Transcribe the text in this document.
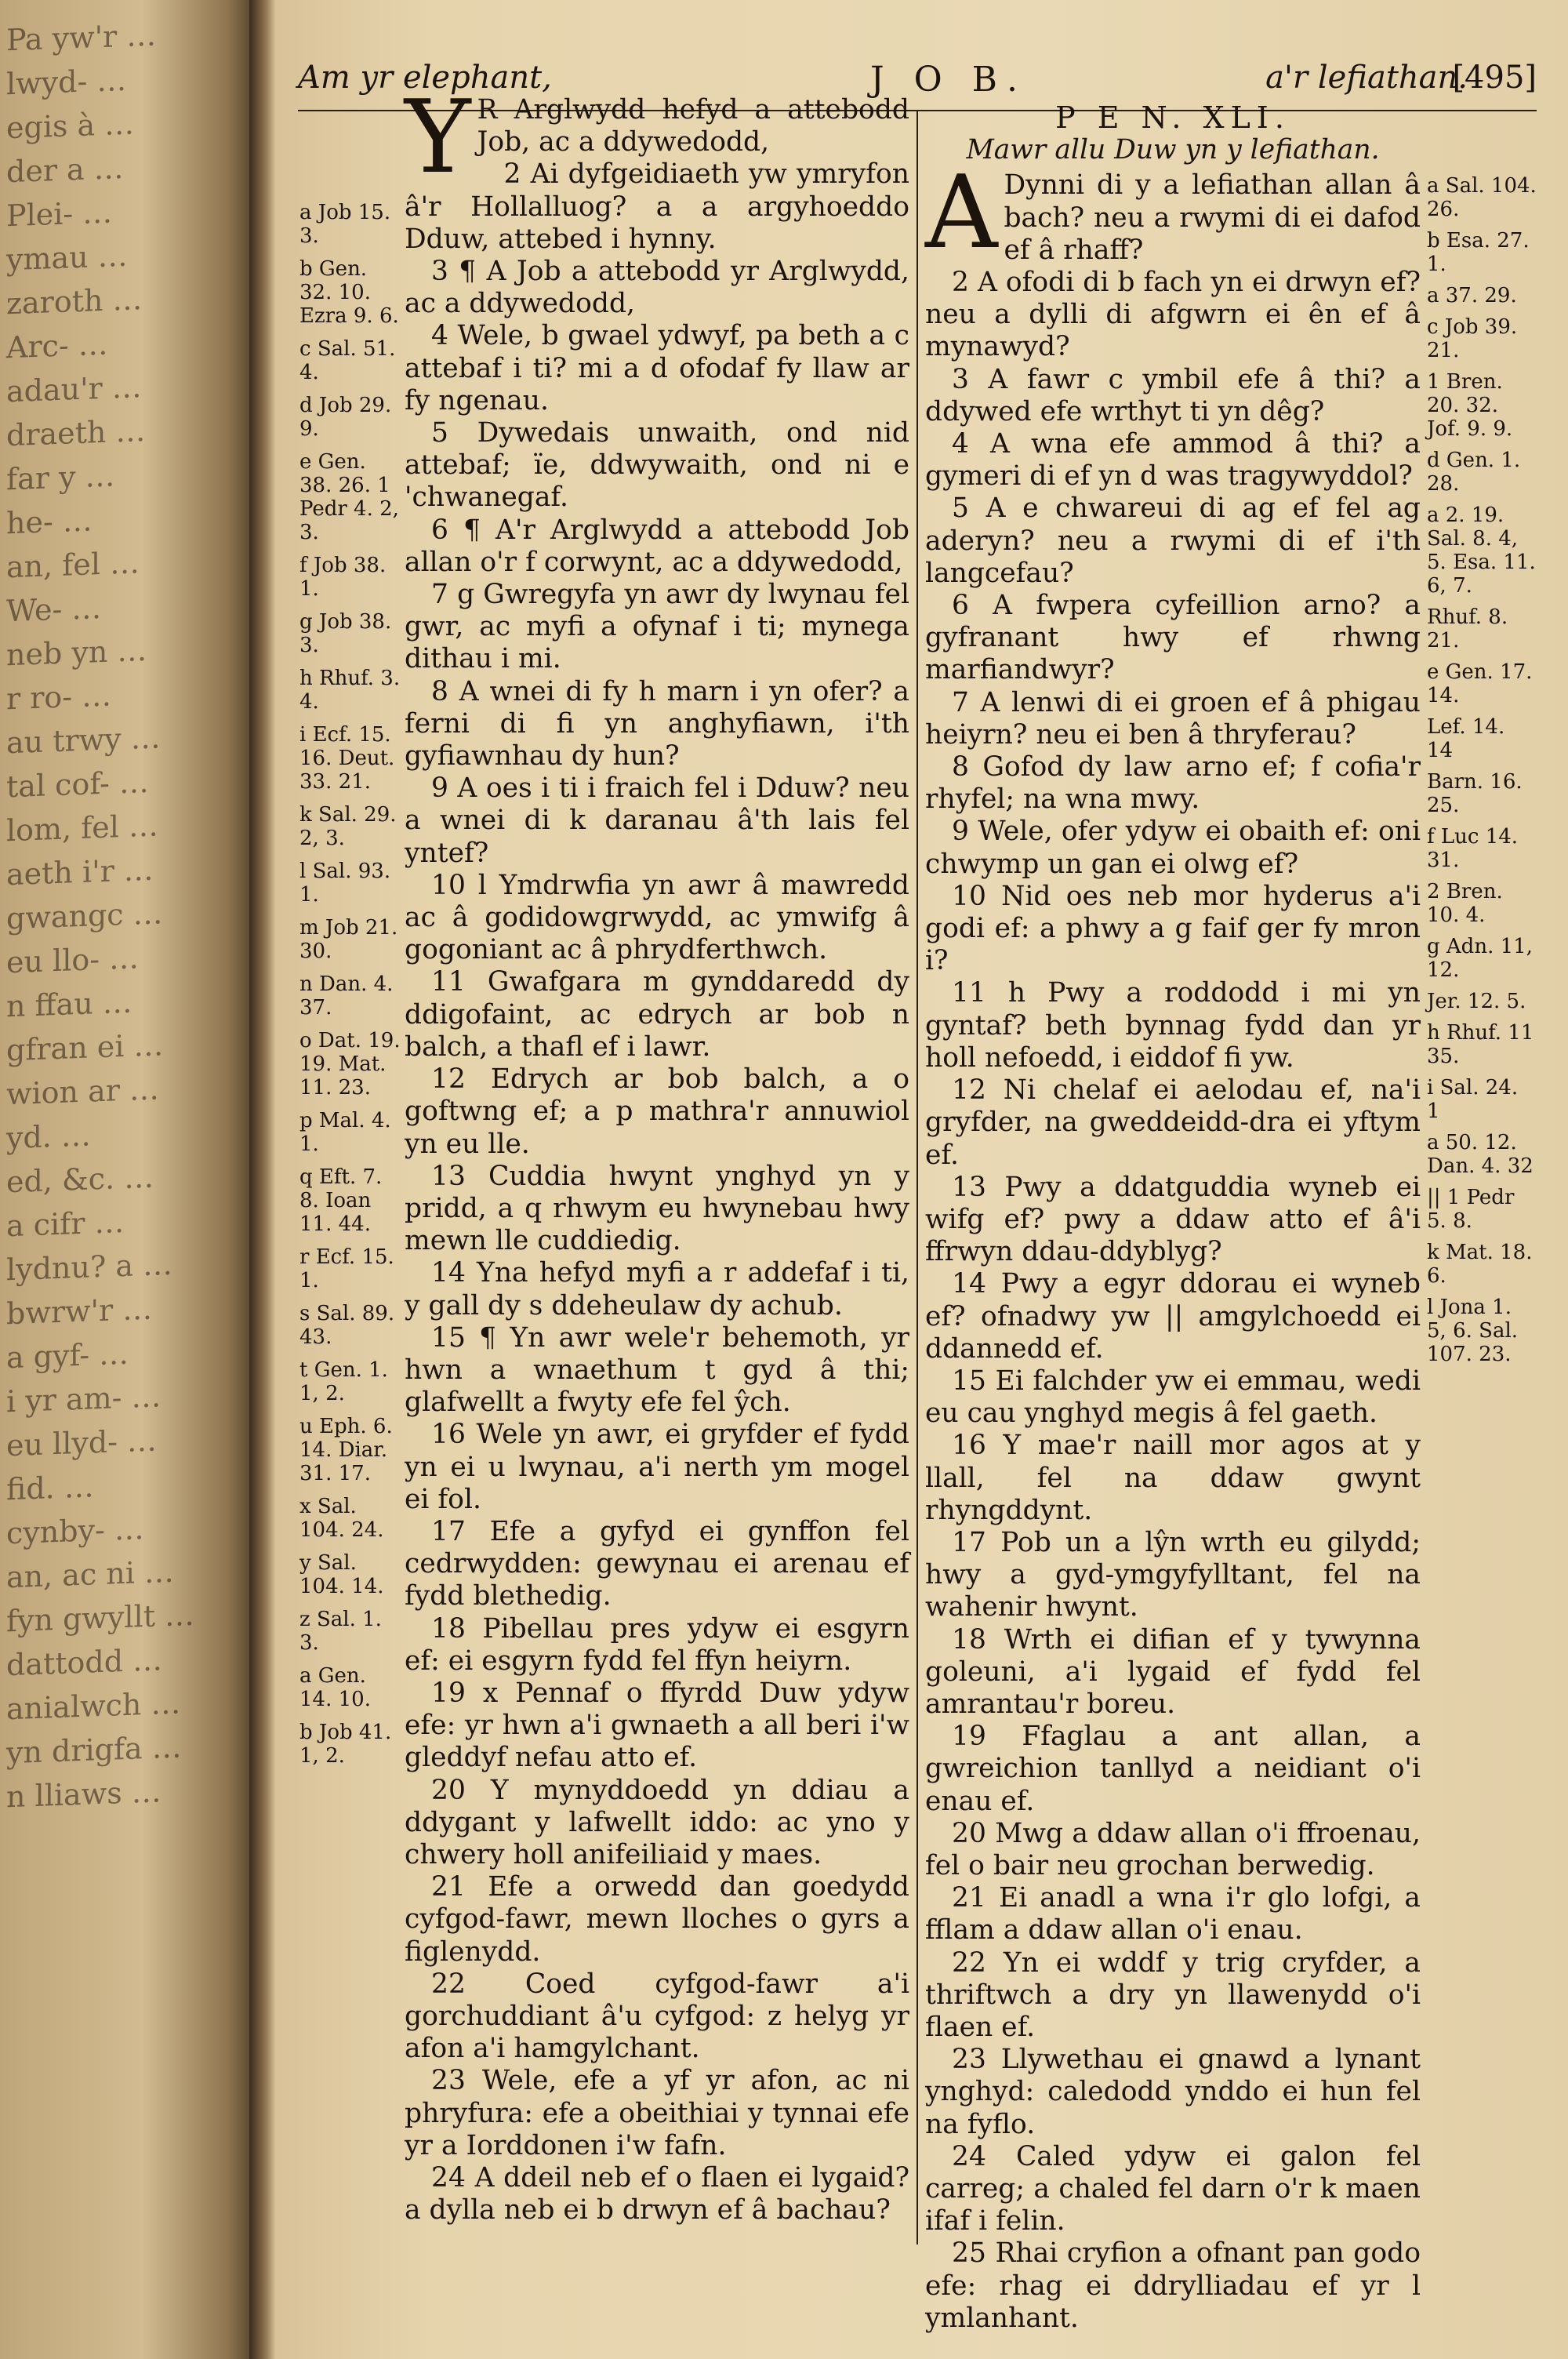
Pa yw'r …
lwyd- …
egis à …
der a …
Plei- …
ymau …
zaroth …
Arc- …
adau'r …
draeth …
far y …
he- …
an, fel …
We- …
neb yn …
r ro- …
au trwy …
tal cof- …
lom, fel …
aeth i'r …
gwangc …
eu llo- …
n ffau …
gfran ei …
wion ar …
yd. …
ed, &c. …
a cifr …
lydnu? a …
bwrw'r …
a gyf- …
i yr am- …
eu llyd- …
fid. …
cynby- …
an, ac ni …
fyn gwyllt …
dattodd …
anialwch …
yn drigfa …
n lliaws …
Am yr elephant,	J O B.	a'r lefiathan.
[495]
a Job 15. 3.
b Gen. 32. 10. Ezra 9. 6.
c Sal. 51. 4.
d Job 29. 9.
e Gen. 38. 26. 1 Pedr 4. 2, 3.
f Job 38. 1.
g Job 38. 3.
h Rhuf. 3. 4.
i Ecf. 15. 16. Deut. 33. 21.
k Sal. 29. 2, 3.
l Sal. 93. 1.
m Job 21. 30.
n Dan. 4. 37.
o Dat. 19. 19. Mat. 11. 23.
p Mal. 4. 1.
q Eft. 7. 8. Ioan 11. 44.
r Ecf. 15. 1.
s Sal. 89. 43.
t Gen. 1. 1, 2.
u Eph. 6. 14. Diar. 31. 17.
x Sal. 104. 24.
y Sal. 104. 14.
z Sal. 1. 3.
a Gen. 14. 10.
b Job 41. 1, 2.

YR Arglwydd hefyd a attebodd Job, ac a ddywedodd,

2 Ai dyfgeidiaeth yw ymryfon â'r Hollalluog? a a argyhoeddo Dduw, attebed i hynny.

3 ¶ A Job a attebodd yr Arglwydd, ac a ddywedodd,

4 Wele, b gwael ydwyf, pa beth a c attebaf i ti? mi a d ofodaf fy llaw ar fy ngenau.

5 Dywedais unwaith, ond nid attebaf; ïe, ddwywaith, ond ni e 'chwanegaf.

6 ¶ A'r Arglwydd a attebodd Job allan o'r f corwynt, ac a ddywedodd,

7 g Gwregyfa yn awr dy lwynau fel gwr, ac myfi a ofynaf i ti; mynega dithau i mi.

8 A wnei di fy h marn i yn ofer? a ferni di fi yn anghyfiawn, i'th gyfiawnhau dy hun?

9 A oes i ti i fraich fel i Dduw? neu a wnei di k daranau â'th lais fel yntef?

10 l Ymdrwfia yn awr â mawredd ac â godidowgrwydd, ac ymwifg â gogoniant ac â phrydferthwch.

11 Gwafgara m gynddaredd dy ddigofaint, ac edrych ar bob n balch, a thafl ef i lawr.

12 Edrych ar bob balch, a o goftwng ef; a p mathra'r annuwiol yn eu lle.

13 Cuddia hwynt ynghyd yn y pridd, a q rhwym eu hwynebau hwy mewn lle cuddiedig.

14 Yna hefyd myfi a r addefaf i ti, y gall dy s ddeheulaw dy achub.

15 ¶ Yn awr wele'r behemoth, yr hwn a wnaethum t gyd â thi; glafwellt a fwyty efe fel ŷch.

16 Wele yn awr, ei gryfder ef fydd yn ei u lwynau, a'i nerth ym mogel ei fol.

17 Efe a gyfyd ei gynffon fel cedrwydden: gewynau ei arenau ef fydd blethedig.

18 Pibellau pres ydyw ei esgyrn ef: ei esgyrn fydd fel ffyn heiyrn.

19 x Pennaf o ffyrdd Duw ydyw efe: yr hwn a'i gwnaeth a all beri i'w gleddyf nefau atto ef.

20 Y mynyddoedd yn ddiau a ddygant y lafwellt iddo: ac yno y chwery holl anifeiliaid y maes.

21 Efe a orwedd dan goedydd cyfgod-fawr, mewn lloches o gyrs a figlenydd.

22 Coed cyfgod-fawr a'i gorchuddiant â'u cyfgod: z helyg yr afon a'i hamgylchant.

23 Wele, efe a yf yr afon, ac ni phryfura: efe a obeithiai y tynnai efe yr a Iorddonen i'w fafn.

24 A ddeil neb ef o flaen ei lygaid? a dylla neb ei b drwyn ef â bachau?

P E N. XLI.
Mawr allu Duw yn y lefiathan.

ADynni di y a lefiathan allan â bach? neu a rwymi di ei dafod ef â rhaff?

2 A ofodi di b fach yn ei drwyn ef? neu a dylli di afgwrn ei ên ef â mynawyd?

3 A fawr c ymbil efe â thi? a ddywed efe wrthyt ti yn dêg?

4 A wna efe ammod â thi? a gymeri di ef yn d was tragywyddol?

5 A e chwareui di ag ef fel ag aderyn? neu a rwymi di ef i'th langcefau?

6 A fwpera cyfeillion arno? a gyfranant hwy ef rhwng marfiandwyr?

7 A lenwi di ei groen ef â phigau heiyrn? neu ei ben â thryferau?

8 Gofod dy law arno ef; f cofia'r rhyfel; na wna mwy.

9 Wele, ofer ydyw ei obaith ef: oni chwymp un gan ei olwg ef?

10 Nid oes neb mor hyderus a'i godi ef: a phwy a g faif ger fy mron i?

11 h Pwy a roddodd i mi yn gyntaf? beth bynnag fydd dan yr holl nefoedd, i eiddof fi yw.

12 Ni chelaf ei aelodau ef, na'i gryfder, na gweddeidd-dra ei yftym ef.

13 Pwy a ddatguddia wyneb ei wifg ef? pwy a ddaw atto ef â'i ffrwyn ddau-ddyblyg?

14 Pwy a egyr ddorau ei wyneb ef? ofnadwy yw || amgylchoedd ei ddannedd ef.

15 Ei falchder yw ei emmau, wedi eu cau ynghyd megis â fel gaeth.

16 Y mae'r naill mor agos at y llall, fel na ddaw gwynt rhyngddynt.

17 Pob un a lŷn wrth eu gilydd; hwy a gyd-ymgyfylltant, fel na wahenir hwynt.

18 Wrth ei difian ef y tywynna goleuni, a'i lygaid ef fydd fel amrantau'r boreu.

19 Ffaglau a ant allan, a gwreichion tanllyd a neidiant o'i enau ef.

20 Mwg a ddaw allan o'i ffroenau, fel o bair neu grochan berwedig.

21 Ei anadl a wna i'r glo lofgi, a fflam a ddaw allan o'i enau.

22 Yn ei wddf y trig cryfder, a thriftwch a dry yn llawenydd o'i flaen ef.

23 Llywethau ei gnawd a lynant ynghyd: caledodd ynddo ei hun fel na fyflo.

24 Caled ydyw ei galon fel carreg; a chaled fel darn o'r k maen ifaf i felin.

25 Rhai cryfion a ofnant pan godo efe: rhag ei ddrylliadau ef yr l ymlanhant.

a Sal. 104. 26.
b Esa. 27. 1.
a 37. 29.
c Job 39. 21.
1 Bren. 20. 32. Jof. 9. 9.
d Gen. 1. 28.
a 2. 19. Sal. 8. 4, 5. Esa. 11. 6, 7.
Rhuf. 8. 21.
e Gen. 17. 14.
Lef. 14. 14
Barn. 16. 25.
f Luc 14. 31.
2 Bren. 10. 4.
g Adn. 11, 12.
Jer. 12. 5.
h Rhuf. 11 35.
i Sal. 24. 1
a 50. 12. Dan. 4. 32
|| 1 Pedr 5. 8.
k Mat. 18. 6.
l Jona 1. 5, 6. Sal. 107. 23.
